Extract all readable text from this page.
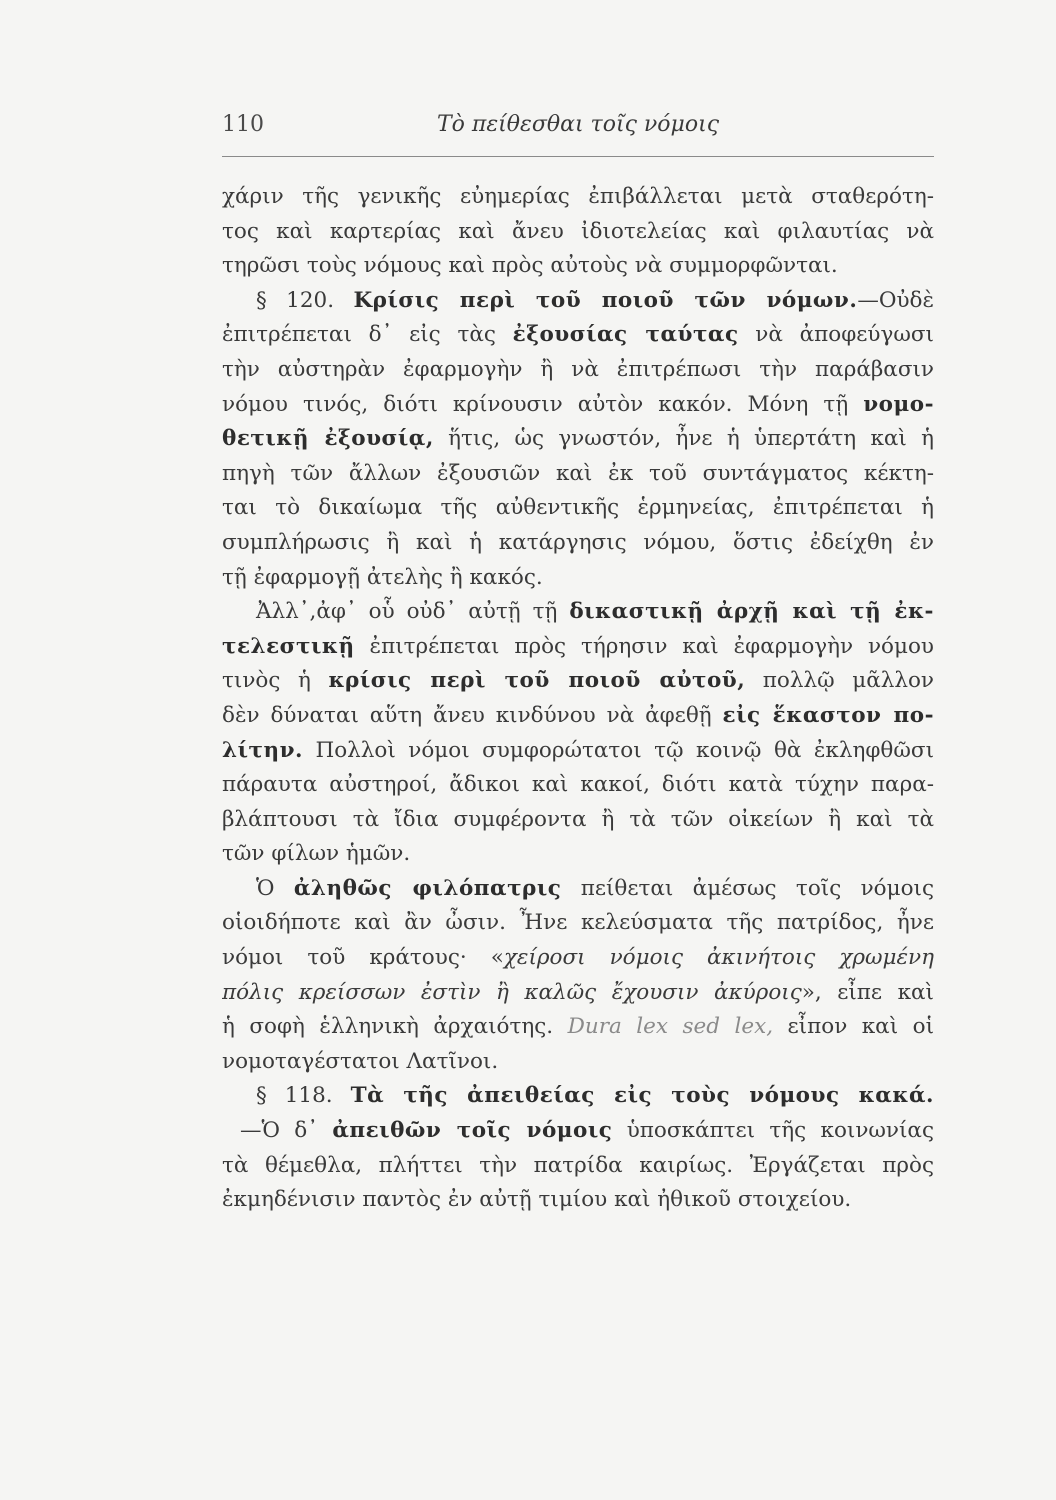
110	Τὸ πείθεσθαι τοῖς νόμοις
χάριν τῆς γενικῆς εὐημερίας ἐπιβάλλεται μετὰ σταθερότη-
τος καὶ καρτερίας καὶ ἄνευ ἰδιοτελείας καὶ φιλαυτίας νὰ
τηρῶσι τοὺς νόμους καὶ πρὸς αὐτοὺς νὰ συμμορφῶνται.
§ 120. Κρίσις περὶ τοῦ ποιοῦ τῶν νόμων.—Οὐδὲ
ἐπιτρέπεται δ᾽ εἰς τὰς ἐξουσίας ταύτας νὰ ἀποφεύγωσι
τὴν αὐστηρὰν ἐφαρμογὴν ἢ νὰ ἐπιτρέπωσι τὴν παράβασιν
νόμου τινός, διότι κρίνουσιν αὐτὸν κακόν. Μόνη τῇ νομο-
θετικῇ ἐξουσίᾳ, ἥτις, ὡς γνωστόν, ἦνε ἡ ὑπερτάτη καὶ ἡ
πηγὴ τῶν ἄλλων ἐξουσιῶν καὶ ἐκ τοῦ συντάγματος κέκτη-
ται τὸ δικαίωμα τῆς αὐθεντικῆς ἑρμηνείας, ἐπιτρέπεται ἡ
συμπλήρωσις ἢ καὶ ἡ κατάργησις νόμου, ὅστις ἐδείχθη ἐν
τῇ ἐφαρμογῇ ἀτελὴς ἢ κακός.
Ἀλλ᾽,ἀφ᾽ οὗ οὐδ᾽ αὐτῇ τῇ δικαστικῇ ἀρχῇ καὶ τῇ ἐκ-
τελεστικῇ ἐπιτρέπεται πρὸς τήρησιν καὶ ἐφαρμογὴν νόμου
τινὸς ἡ κρίσις περὶ τοῦ ποιοῦ αὐτοῦ, πολλῷ μᾶλλον
δὲν δύναται αὕτη ἄνευ κινδύνου νὰ ἀφεθῇ εἰς ἕκαστον πο-
λίτην. Πολλοὶ νόμοι συμφορώτατοι τῷ κοινῷ θὰ ἐκληφθῶσι
πάραυτα αὐστηροί, ἄδικοι καὶ κακοί, διότι κατὰ τύχην παρα-
βλάπτουσι τὰ ἴδια συμφέροντα ἢ τὰ τῶν οἰκείων ἢ καὶ τὰ
τῶν φίλων ἡμῶν.
Ὁ ἀληθῶς φιλόπατρις πείθεται ἀμέσως τοῖς νόμοις
οἱοιδήποτε καὶ ἂν ὦσιν. Ἦνε κελεύσματα τῆς πατρίδος, ἦνε
νόμοι τοῦ κράτους· «χείροσι νόμοις ἀκινήτοις χρωμένη
πόλις κρείσσων ἐστὶν ἢ καλῶς ἔχουσιν ἀκύροις», εἶπε καὶ
ἡ σοφὴ ἑλληνικὴ ἀρχαιότης. Dura lex sed lex, εἶπον καὶ οἱ
νομοταγέστατοι Λατῖνοι.
§ 118. Τὰ τῆς ἀπειθείας εἰς τοὺς νόμους κακά.
—Ὁ δ᾽ ἀπειθῶν τοῖς νόμοις ὑποσκάπτει τῆς κοινωνίας
τὰ θέμεθλα, πλήττει τὴν πατρίδα καιρίως. Ἐργάζεται πρὸς
ἐκμηδένισιν παντὸς ἐν αὐτῇ τιμίου καὶ ἠθικοῦ στοιχείου.
